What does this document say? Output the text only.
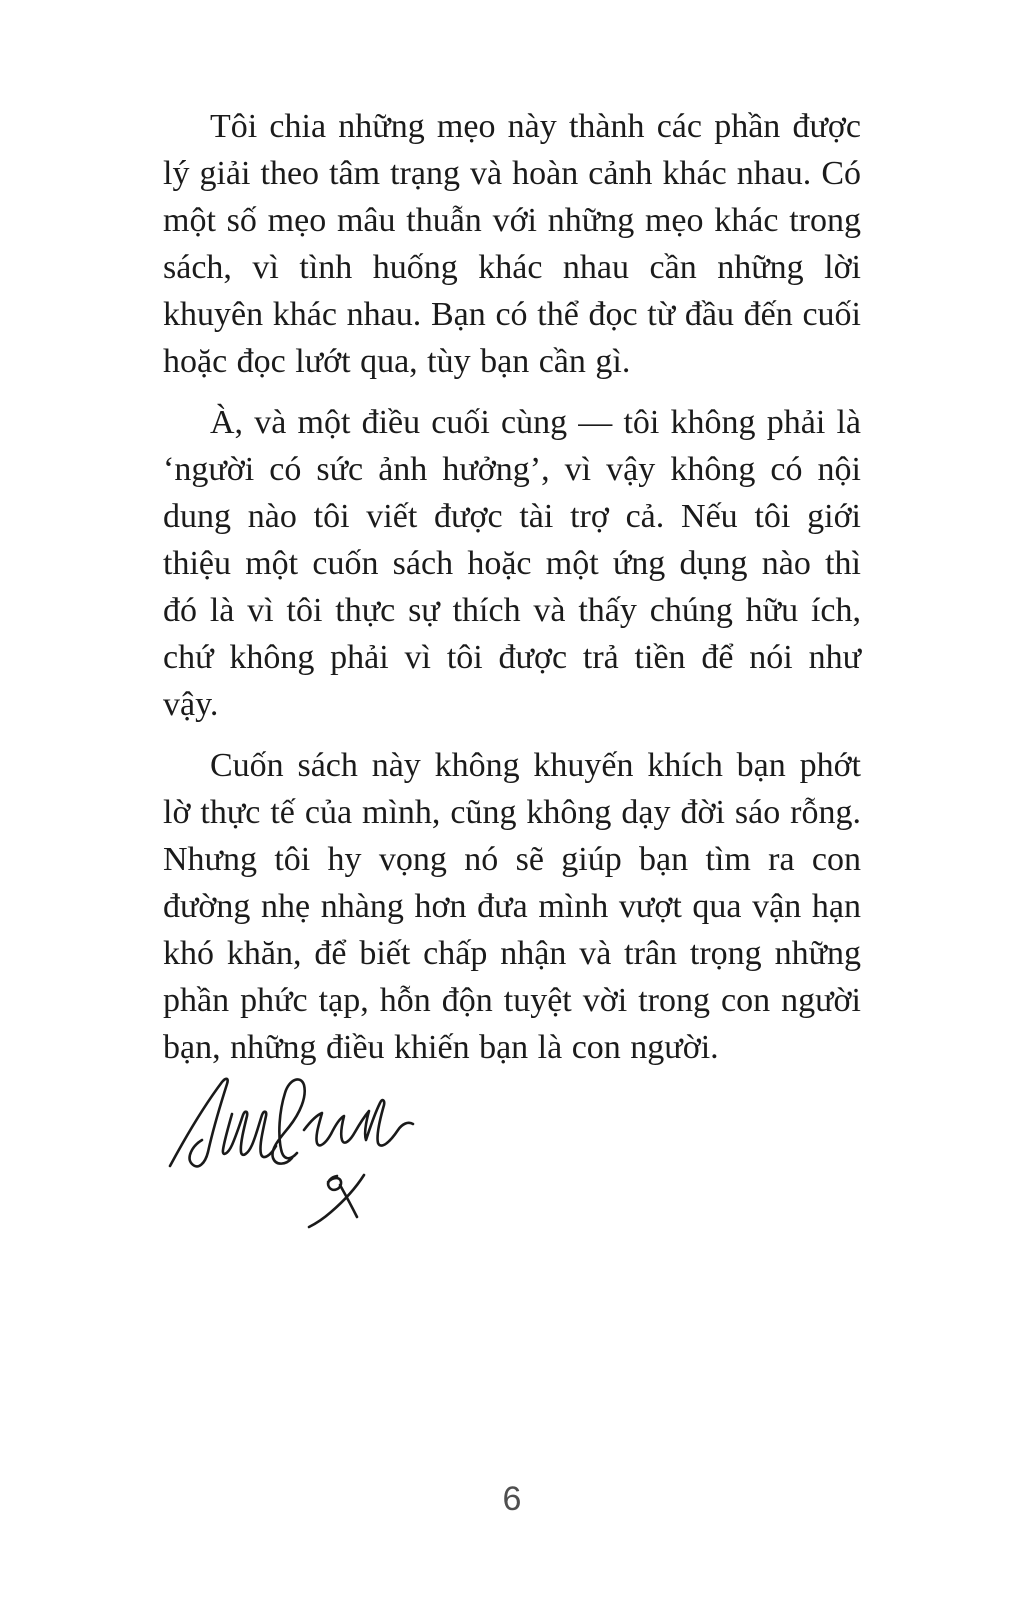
Tôi chia những mẹo này thành các phần được lý giải theo tâm trạng và hoàn cảnh khác nhau. Có một số mẹo mâu thuẫn với những mẹo khác trong sách, vì tình huống khác nhau cần những lời khuyên khác nhau. Bạn có thể đọc từ đầu đến cuối hoặc đọc lướt qua, tùy bạn cần gì.

À, và một điều cuối cùng — tôi không phải là ‘người có sức ảnh hưởng’, vì vậy không có nội dung nào tôi viết được tài trợ cả. Nếu tôi giới thiệu một cuốn sách hoặc một ứng dụng nào thì đó là vì tôi thực sự thích và thấy chúng hữu ích, chứ không phải vì tôi được trả tiền để nói như vậy.

Cuốn sách này không khuyến khích bạn phớt lờ thực tế của mình, cũng không dạy đời sáo rỗng. Nhưng tôi hy vọng nó sẽ giúp bạn tìm ra con đường nhẹ nhàng hơn đưa mình vượt qua vận hạn khó khăn, để biết chấp nhận và trân trọng những phần phức tạp, hỗn độn tuyệt vời trong con người bạn, những điều khiến bạn là con người.

6
